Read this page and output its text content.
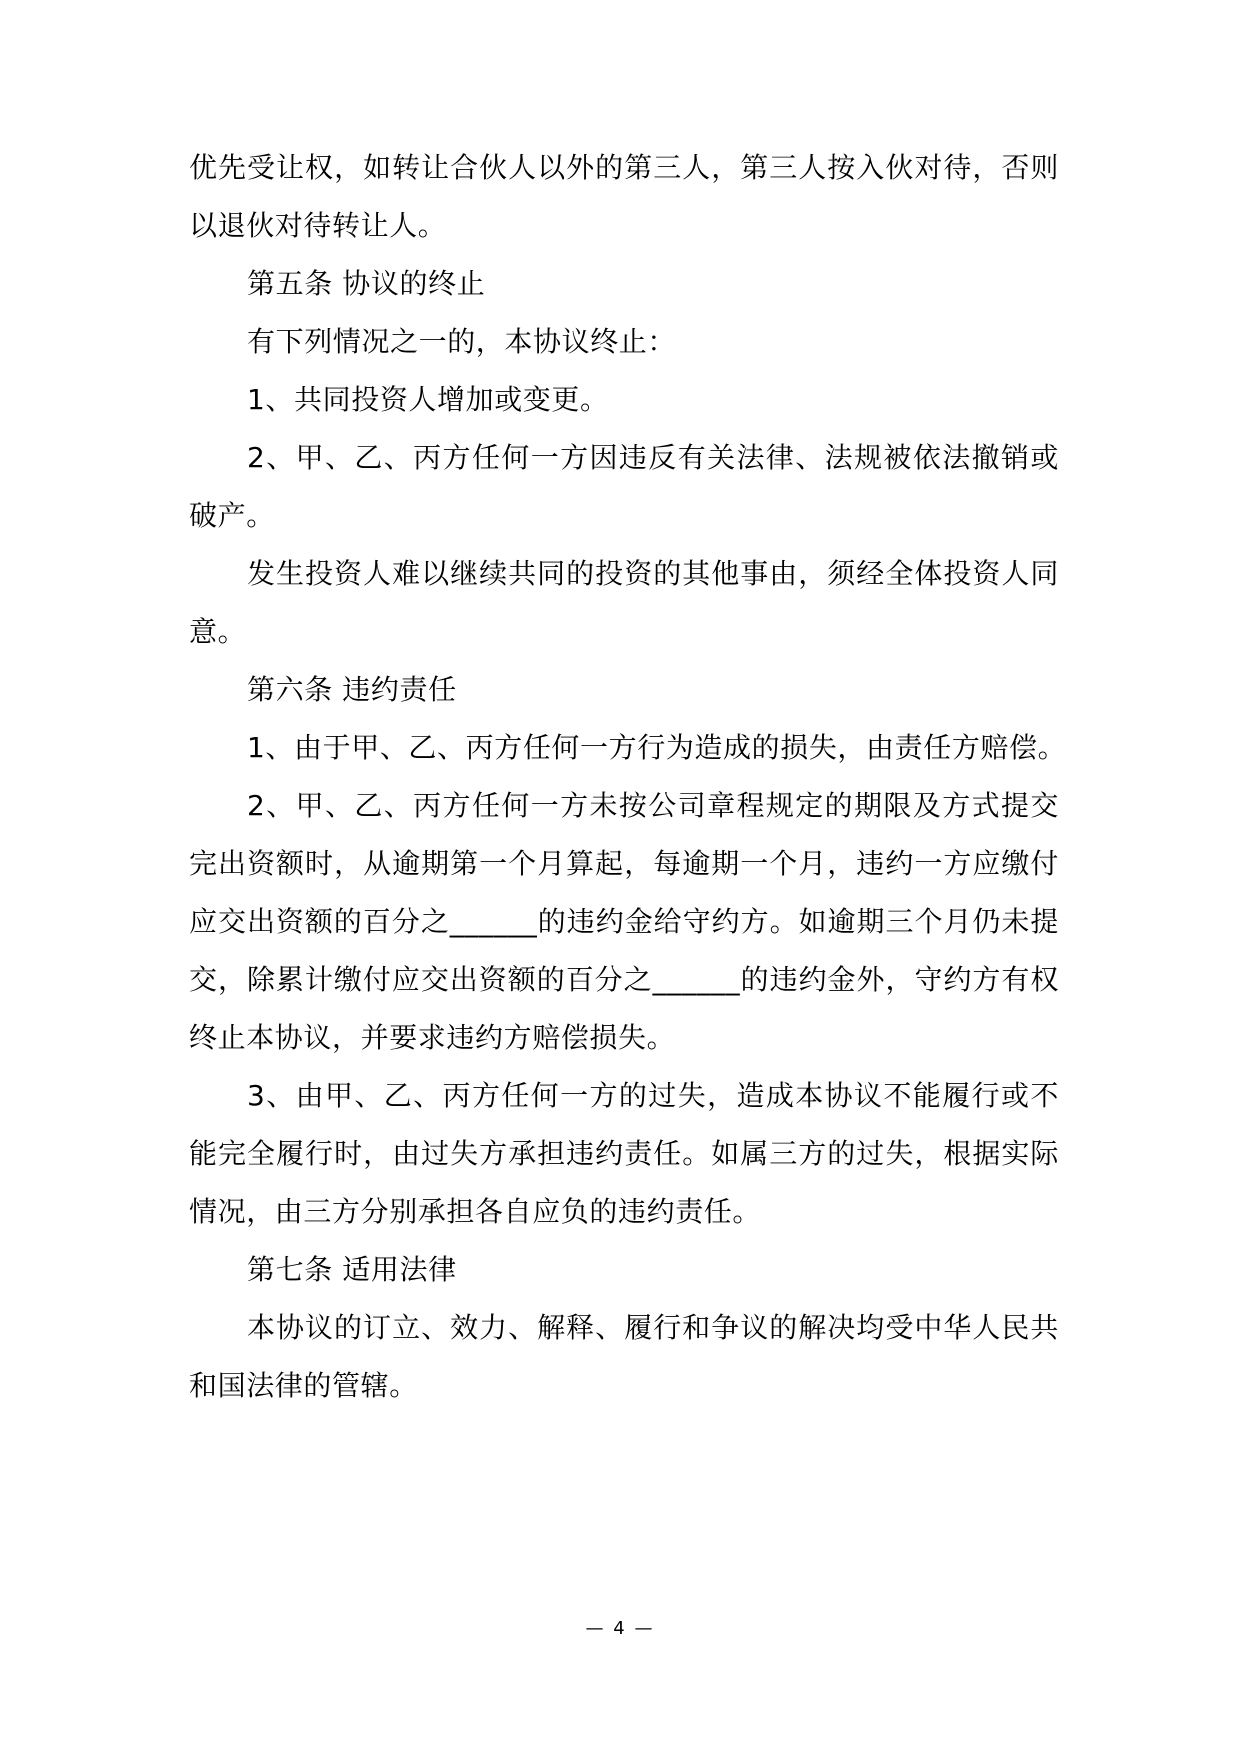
优先受让权，如转让合伙人以外的第三人，第三人按入伙对待，否则
以退伙对待转让人。
第五条 协议的终止
有下列情况之一的，本协议终止：
1、共同投资人增加或变更。
2、甲、乙、丙方任何一方因违反有关法律、法规被依法撤销或
破产。
发生投资人难以继续共同的投资的其他事由，须经全体投资人同
意。
第六条 违约责任
1、由于甲、乙、丙方任何一方行为造成的损失，由责任方赔偿。
2、甲、乙、丙方任何一方未按公司章程规定的期限及方式提交
完出资额时，从逾期第一个月算起，每逾期一个月，违约一方应缴付
应交出资额的百分之______的违约金给守约方。如逾期三个月仍未提
交，除累计缴付应交出资额的百分之______的违约金外，守约方有权
终止本协议，并要求违约方赔偿损失。
3、由甲、乙、丙方任何一方的过失，造成本协议不能履行或不
能完全履行时，由过失方承担违约责任。如属三方的过失，根据实际
情况，由三方分别承担各自应负的违约责任。
第七条 适用法律
本协议的订立、效力、解释、履行和争议的解决均受中华人民共
和国法律的管辖。
— 4 —
